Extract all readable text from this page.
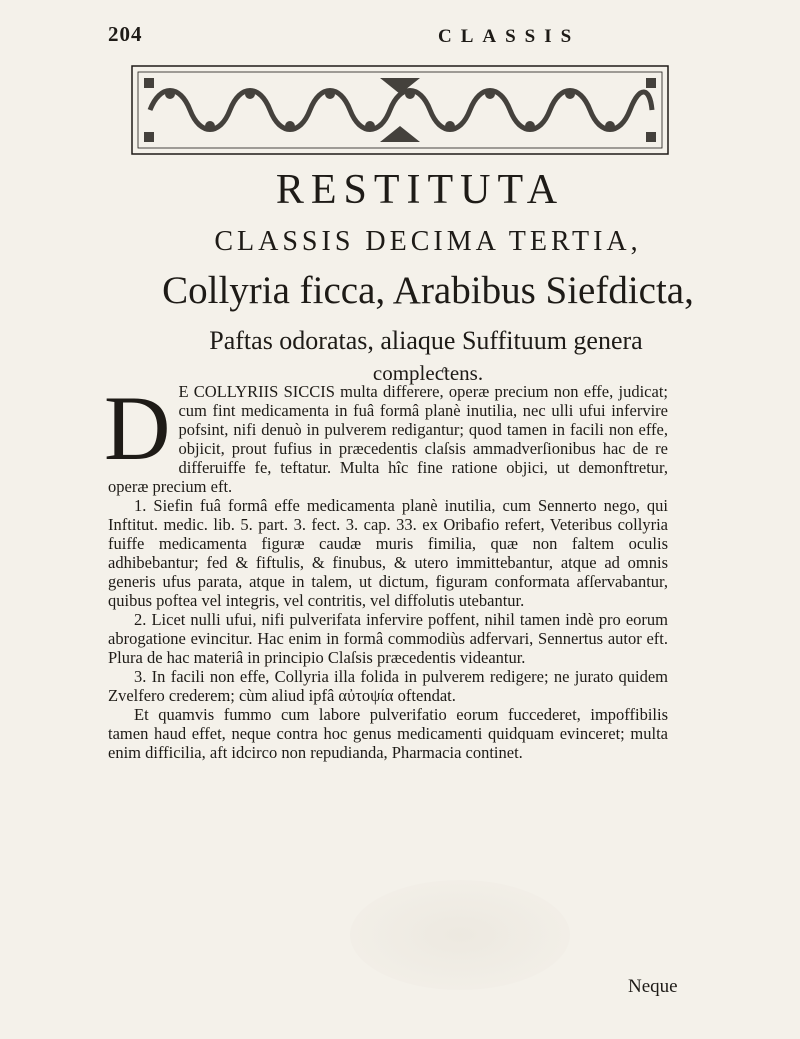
204	CLASSIS
RESTITUTA
CLASSIS DECIMA TERTIA,
Collyria ficca, Arabibus Siefdicta,
Paftas odoratas, aliaque Suffituum genera
compleƈtens.

D E COLLYRIIS SICCIS multa differere, operæ precium non effe, judicat; cum fint medicamenta in fuâ formâ planè inutilia, nec ulli ufui infervire pofsint, nifi denuò in pulverem redigantur; quod tamen in facili non effe, objicit, prout fufius in præcedentis claſsis ammadverſionibus hac de re differuiffe fe, teftatur. Multa hîc fine ratione objici, ut demonftretur, operæ precium eft.

1. Siefin fuâ formâ effe medicamenta planè inutilia, cum Sennerto nego, qui Inftitut. medic. lib. 5. part. 3. fect. 3. cap. 33. ex Oribafio refert, Veteribus collyria fuiffe medicamenta figuræ caudæ muris fimilia, quæ non faltem oculis adhibebantur; fed & fiftulis, & finubus, & utero immittebantur, atque ad omnis generis ufus parata, atque in talem, ut dictum, figuram conformata afſervabantur, quibus poftea vel integris, vel contritis, vel diffolutis utebantur.

2. Licet nulli ufui, nifi pulverifata infervire poffent, nihil tamen indè pro eorum abrogatione evincitur. Hac enim in formâ commodiùs adfervari, Sennertus autor eft. Plura de hac materiâ in principio Claſsis præcedentis videantur.

3. In facili non effe, Collyria illa folida in pulverem redigere; ne jurato quidem Zvelfero crederem; cùm aliud ipfâ αὐτοψία oftendat.

Et quamvis fummo cum labore pulverifatio eorum fuccederet, impoffibilis tamen haud effet, neque contra hoc genus medicamenti quidquam evinceret; multa enim difficilia, aft idcirco non repudianda, Pharmacia continet.

Neque
